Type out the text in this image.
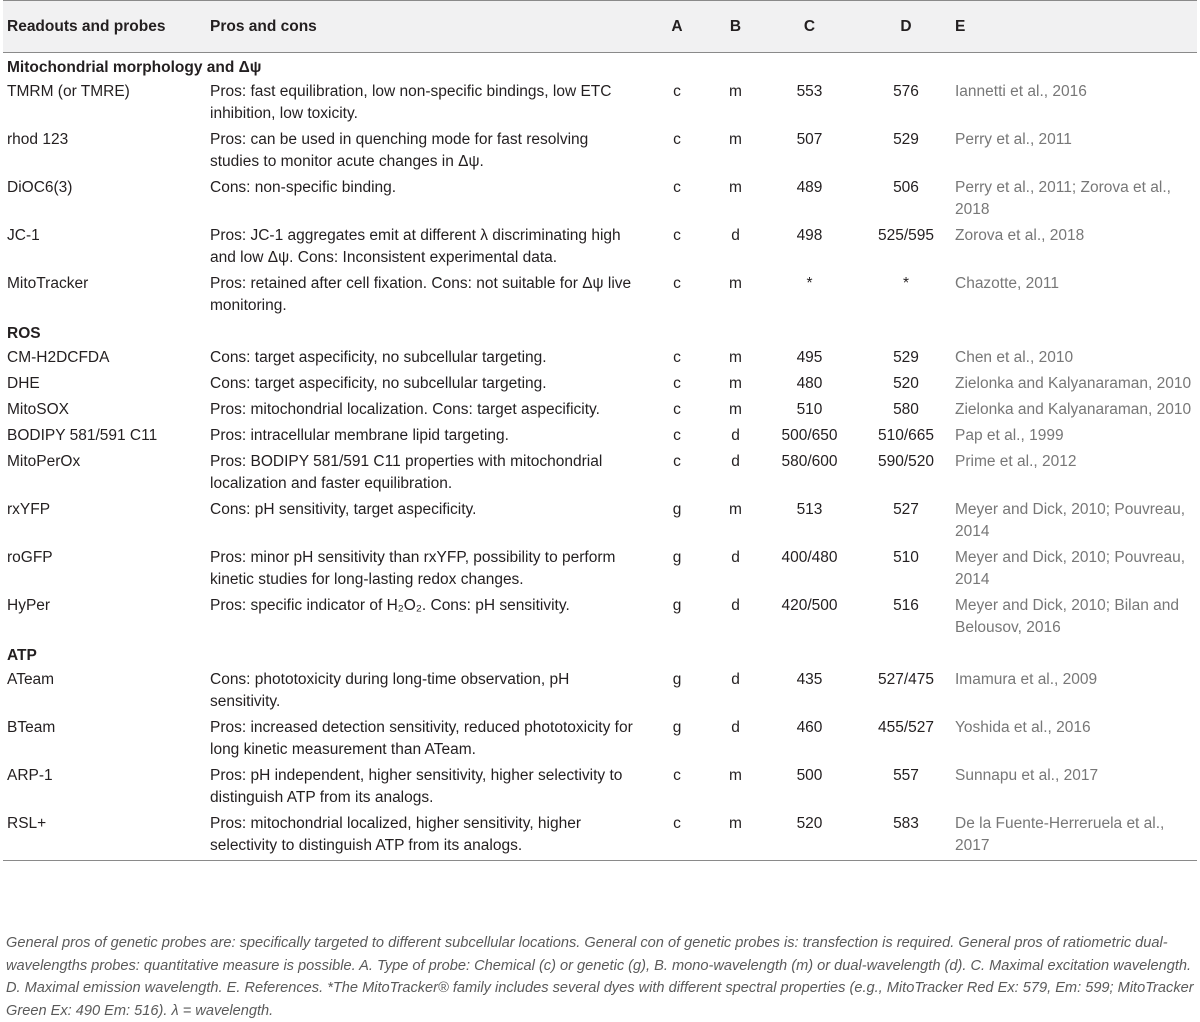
Readouts and probes	Pros and cons	A	B	C	D	E
Mitochondrial morphology and Δψ						
TMRM (or TMRE)	Pros: fast equilibration, low non-specific bindings, low ETC inhibition, low toxicity.	c	m	553	576	Iannetti et al., 2016
rhod 123	Pros: can be used in quenching mode for fast resolving studies to monitor acute changes in Δψ.	c	m	507	529	Perry et al., 2011
DiOC6(3)	Cons: non-specific binding.	c	m	489	506	Perry et al., 2011; Zorova et al., 2018
JC-1	Pros: JC-1 aggregates emit at different λ discriminating high and low Δψ. Cons: Inconsistent experimental data.	c	d	498	525/595	Zorova et al., 2018
MitoTracker	Pros: retained after cell fixation. Cons: not suitable for Δψ live monitoring.	c	m	*	*	Chazotte, 2011
ROS						
CM-H2DCFDA	Cons: target aspecificity, no subcellular targeting.	c	m	495	529	Chen et al., 2010
DHE	Cons: target aspecificity, no subcellular targeting.	c	m	480	520	Zielonka and Kalyanaraman, 2010
MitoSOX	Pros: mitochondrial localization. Cons: target aspecificity.	c	m	510	580	Zielonka and Kalyanaraman, 2010
BODIPY 581/591 C11	Pros: intracellular membrane lipid targeting.	c	d	500/650	510/665	Pap et al., 1999
MitoPerOx	Pros: BODIPY 581/591 C11 properties with mitochondrial localization and faster equilibration.	c	d	580/600	590/520	Prime et al., 2012
rxYFP	Cons: pH sensitivity, target aspecificity.	g	m	513	527	Meyer and Dick, 2010; Pouvreau, 2014
roGFP	Pros: minor pH sensitivity than rxYFP, possibility to perform kinetic studies for long-lasting redox changes.	g	d	400/480	510	Meyer and Dick, 2010; Pouvreau, 2014
HyPer	Pros: specific indicator of H₂O₂. Cons: pH sensitivity.	g	d	420/500	516	Meyer and Dick, 2010; Bilan and Belousov, 2016
ATP						
ATeam	Cons: phototoxicity during long-time observation, pH sensitivity.	g	d	435	527/475	Imamura et al., 2009
BTeam	Pros: increased detection sensitivity, reduced phototoxicity for long kinetic measurement than ATeam.	g	d	460	455/527	Yoshida et al., 2016
ARP-1	Pros: pH independent, higher sensitivity, higher selectivity to distinguish ATP from its analogs.	c	m	500	557	Sunnapu et al., 2017
RSL+	Pros: mitochondrial localized, higher sensitivity, higher selectivity to distinguish ATP from its analogs.	c	m	520	583	De la Fuente-Herreruela et al., 2017
General pros of genetic probes are: specifically targeted to different subcellular locations. General con of genetic probes is: transfection is required. General pros of ratiometric dual-wavelengths probes: quantitative measure is possible. A. Type of probe: Chemical (c) or genetic (g), B. mono-wavelength (m) or dual-wavelength (d). C. Maximal excitation wavelength. D. Maximal emission wavelength. E. References. *The MitoTracker® family includes several dyes with different spectral properties (e.g., MitoTracker Red Ex: 579, Em: 599; MitoTracker Green Ex: 490 Em: 516). λ = wavelength.
